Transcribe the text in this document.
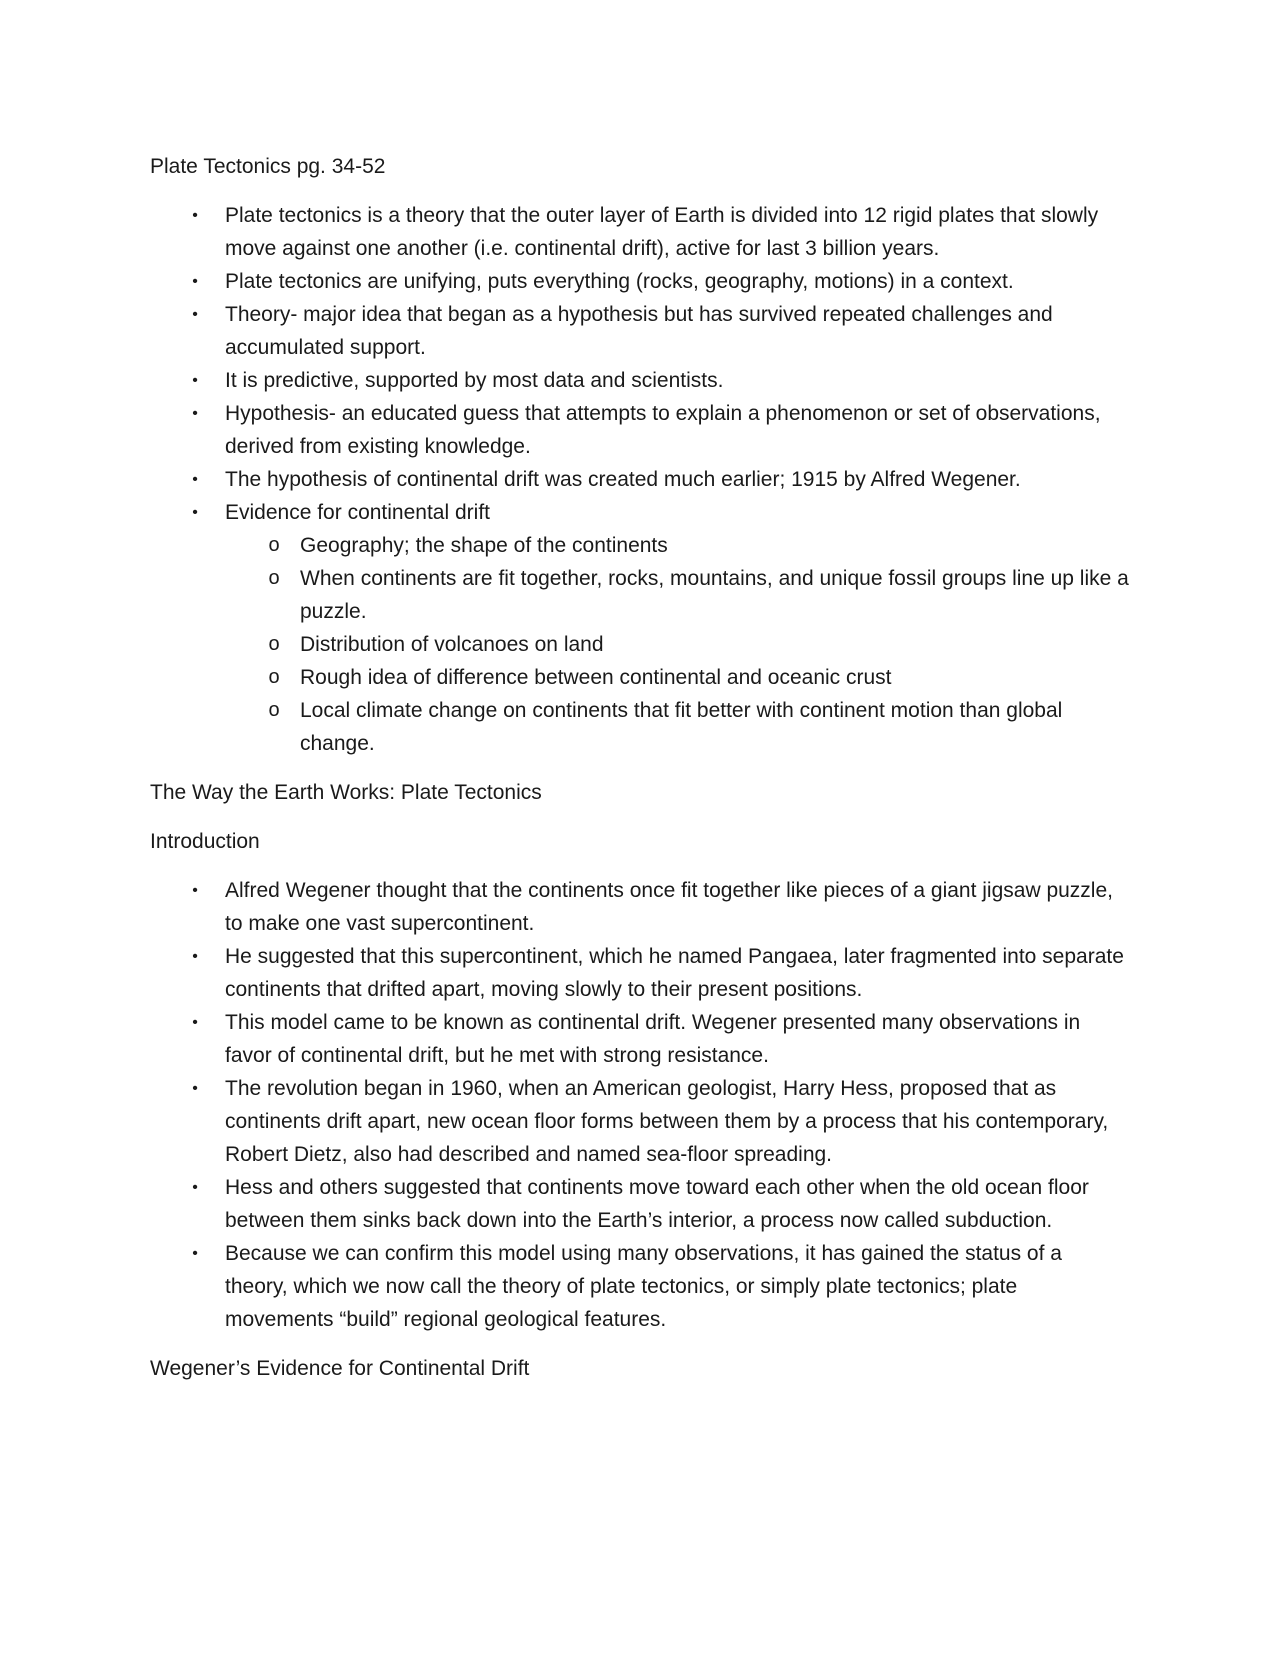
Plate Tectonics pg. 34-52

• Plate tectonics is a theory that the outer layer of Earth is divided into 12 rigid plates that slowly move against one another (i.e. continental drift), active for last 3 billion years.
• Plate tectonics are unifying, puts everything (rocks, geography, motions) in a context.
• Theory- major idea that began as a hypothesis but has survived repeated challenges and accumulated support.
• It is predictive, supported by most data and scientists.
• Hypothesis- an educated guess that attempts to explain a phenomenon or set of observations, derived from existing knowledge.
• The hypothesis of continental drift was created much earlier; 1915 by Alfred Wegener.
• Evidence for continental drift
o Geography; the shape of the continents
o When continents are fit together, rocks, mountains, and unique fossil groups line up like a puzzle.
o Distribution of volcanoes on land
o Rough idea of difference between continental and oceanic crust
o Local climate change on continents that fit better with continent motion than global change.

The Way the Earth Works: Plate Tectonics

Introduction

• Alfred Wegener thought that the continents once fit together like pieces of a giant jigsaw puzzle, to make one vast supercontinent.
• He suggested that this supercontinent, which he named Pangaea, later fragmented into separate continents that drifted apart, moving slowly to their present positions.
• This model came to be known as continental drift. Wegener presented many observations in favor of continental drift, but he met with strong resistance.
• The revolution began in 1960, when an American geologist, Harry Hess, proposed that as continents drift apart, new ocean floor forms between them by a process that his contemporary, Robert Dietz, also had described and named sea-floor spreading.
• Hess and others suggested that continents move toward each other when the old ocean floor between them sinks back down into the Earth’s interior, a process now called subduction.
• Because we can confirm this model using many observations, it has gained the status of a theory, which we now call the theory of plate tectonics, or simply plate tectonics; plate movements “build” regional geological features.

Wegener’s Evidence for Continental Drift
